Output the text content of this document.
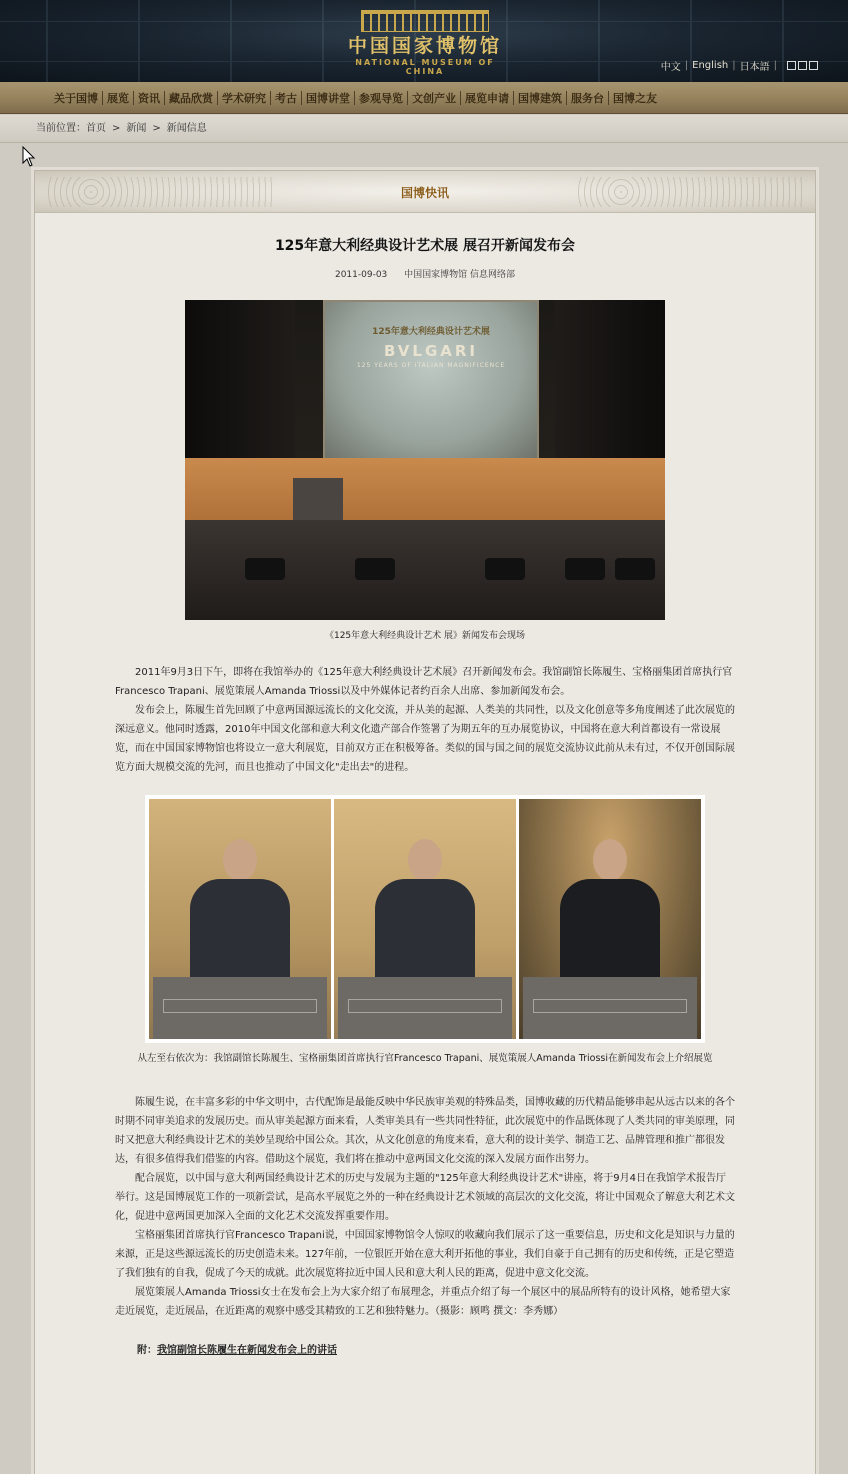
中国国家博物馆
NATIONAL MUSEUM OF CHINA	中文 | English | 日本語 |
关于国博 展览 资讯 藏品欣赏 学术研究 考古 国博讲堂 参观导览 文创产业 展览申请 国博建筑 服务台 国博之友
当前位置：首页 > 新闻 > 新闻信息
国博快讯
125年意大利经典设计艺术展 展召开新闻发布会
2011-09-03 中国国家博物馆 信息网络部
125年意大利经典设计艺术展
BVLGARI
125 YEARS OF ITALIAN MAGNIFICENCE
《125年意大利经典设计艺术 展》新闻发布会现场

2011年9月3日下午，即将在我馆举办的《125年意大利经典设计艺术展》召开新闻发布会。我馆副馆长陈履生、宝格丽集团首席执行官Francesco Trapani、展览策展人Amanda Triossi以及中外媒体记者约百余人出席、参加新闻发布会。

发布会上，陈履生首先回顾了中意两国源远流长的文化交流，并从美的起源、人类美的共同性，以及文化创意等多角度阐述了此次展览的深远意义。他同时透露，2010年中国文化部和意大利文化遗产部合作签署了为期五年的互办展览协议，中国将在意大利首都设有一常设展览，而在中国国家博物馆也将设立一意大利展览，目前双方正在积极筹备。类似的国与国之间的展览交流协议此前从未有过，不仅开创国际展览方面大规模交流的先河，而且也推动了中国文化"走出去"的进程。

从左至右依次为：我馆副馆长陈履生、宝格丽集团首席执行官Francesco Trapani、展览策展人Amanda Triossi在新闻发布会上介绍展览

陈履生说，在丰富多彩的中华文明中，古代配饰是最能反映中华民族审美观的特殊品类，国博收藏的历代精品能够串起从远古以来的各个时期不同审美追求的发展历史。而从审美起源方面来看，人类审美具有一些共同性特征，此次展览中的作品既体现了人类共同的审美原理，同时又把意大利经典设计艺术的美妙呈现给中国公众。其次，从文化创意的角度来看，意大利的设计美学、制造工艺、品牌管理和推广都很发达，有很多值得我们借鉴的内容。借助这个展览，我们将在推动中意两国文化交流的深入发展方面作出努力。

配合展览，以中国与意大利两国经典设计艺术的历史与发展为主题的"125年意大利经典设计艺术"讲座，将于9月4日在我馆学术报告厅举行。这是国博展览工作的一项新尝试，是高水平展览之外的一种在经典设计艺术领域的高层次的文化交流，将让中国观众了解意大利艺术文化，促进中意两国更加深入全面的文化艺术交流发挥重要作用。

宝格丽集团首席执行官Francesco Trapani说，中国国家博物馆令人惊叹的收藏向我们展示了这一重要信息，历史和文化是知识与力量的来源，正是这些源远流长的历史创造未来。127年前，一位银匠开始在意大利开拓他的事业，我们自豪于自己拥有的历史和传统，正是它塑造了我们独有的自我，促成了今天的成就。此次展览将拉近中国人民和意大利人民的距离，促进中意文化交流。

展览策展人Amanda Triossi女士在发布会上为大家介绍了布展理念，并重点介绍了每一个展区中的展品所特有的设计风格，她希望大家走近展览，走近展品，在近距离的观察中感受其精致的工艺和独特魅力。（摄影：顾鸣 撰文：李秀娜）

附：我馆副馆长陈履生在新闻发布会上的讲话
